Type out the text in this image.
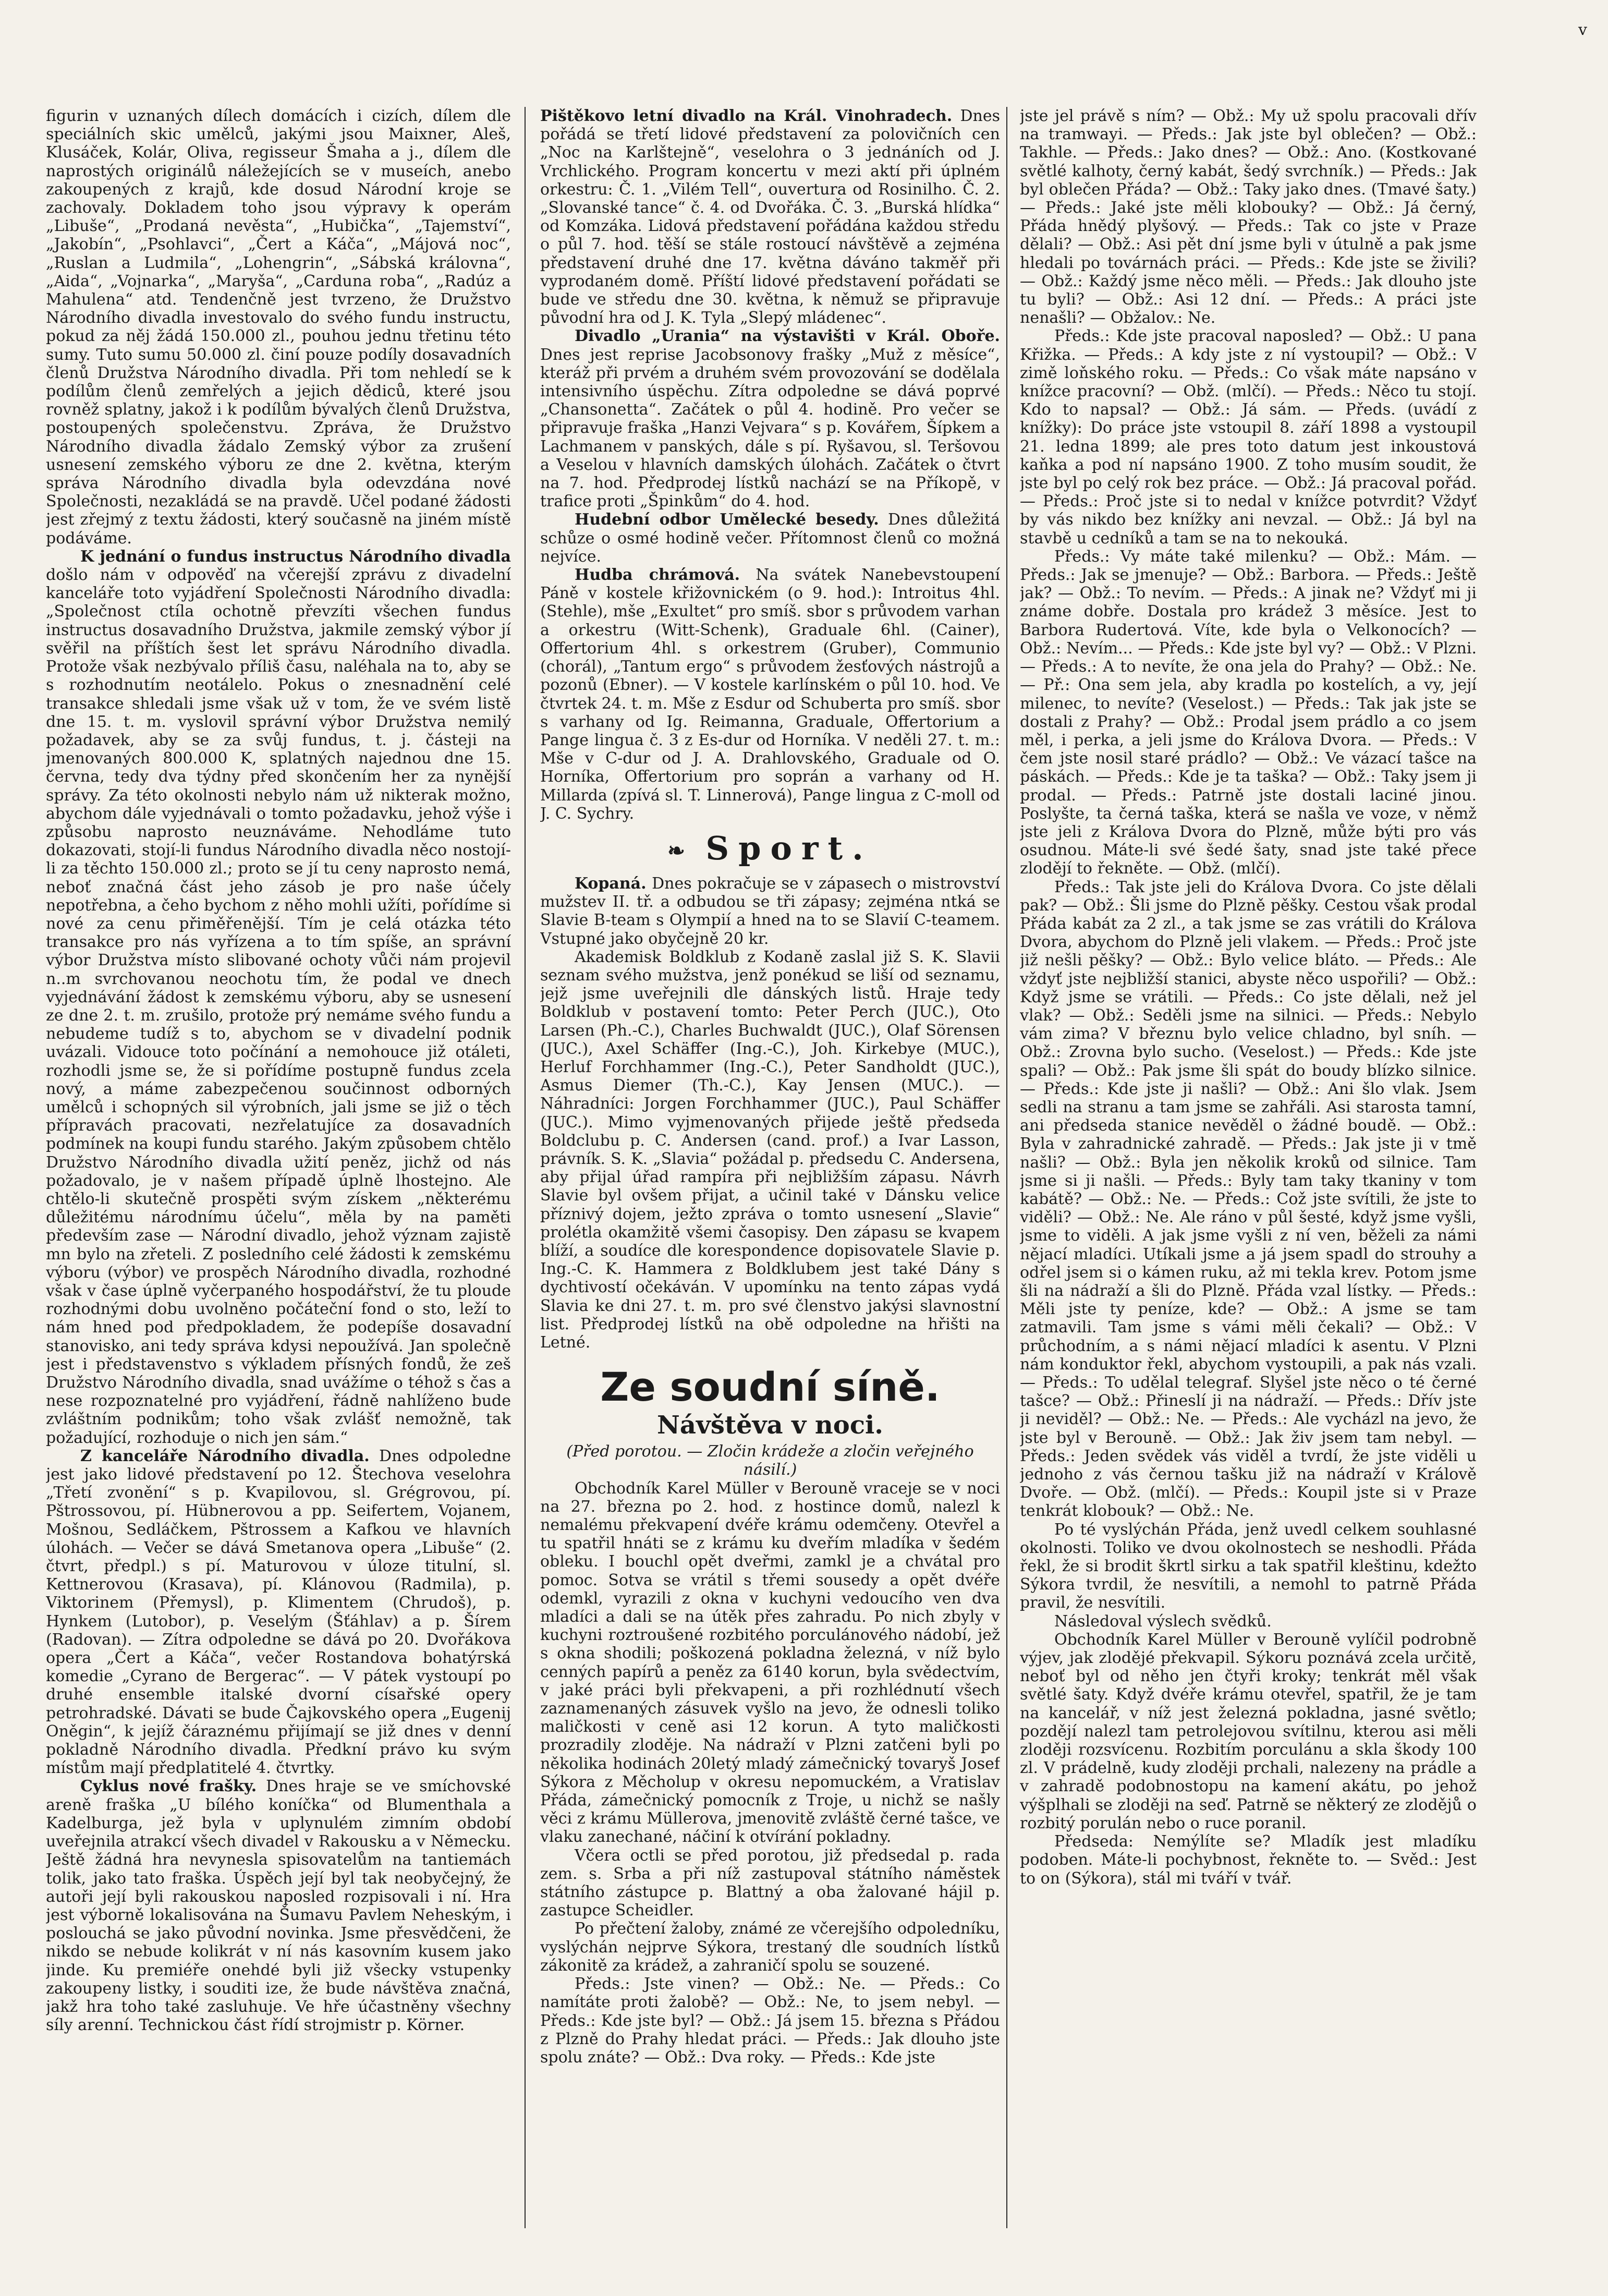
v

figurin v uznaných dílech domácích i cizích, dílem dle speciálních skic umělců, jakými jsou Maixner, Aleš, Klusáček, Kolár, Oliva, regisseur Šmaha a j., dílem dle naprostých originálů náležejících se v museích, anebo zakoupených z krajů, kde dosud Národní kroje se zachovaly. Dokladem toho jsou výpravy k operám „Libuše“, „Prodaná nevěsta“, „Hubička“, „Tajemství“, „Jakobín“, „Psohlavci“, „Čert a Káča“, „Májová noc“, „Ruslan a Ludmila“, „Lohengrin“, „Sábská královna“, „Aida“, „Vojnarka“, „Maryša“, „Carduna roba“, „Radúz a Mahulena“ atd. Tendenčně jest tvrzeno, že Družstvo Národního divadla investovalo do svého fundu instructu, pokud za něj žádá 150.000 zl., pouhou jednu třetinu této sumy. Tuto sumu 50.000 zl. činí pouze podíly dosavadních členů Družstva Národního divadla. Při tom nehledí se k podílům členů zemřelých a jejich dědiců, které jsou rovněž splatny, jakož i k podílům bývalých členů Družstva, postoupených společenstvu. Zpráva, že Družstvo Národního divadla žádalo Zemský výbor za zrušení usnesení zemského výboru ze dne 2. května, kterým správa Národního divadla byla odevzdána nové Společnosti, nezakládá se na pravdě. Učel podané žádosti jest zřejmý z textu žádosti, který současně na jiném místě podáváme.

K jednání o fundus instructus Národního divadla došlo nám v odpověď na včerejší zprávu z divadelní kanceláře toto vyjádření Společnosti Národního divadla: „Společnost ctíla ochotně převzíti všechen fundus instructus dosavadního Družstva, jakmile zemský výbor jí svěřil na příštích šest let správu Národního divadla. Protože však nezbývalo příliš času, naléhala na to, aby se s rozhodnutím neotálelo. Pokus o znesnadnění celé transakce shledali jsme však už v tom, že ve svém listě dne 15. t. m. vyslovil správní výbor Družstva nemilý požadavek, aby se za svůj fundus, t. j. částeji na jmenovaných 800.000 K, splatných najednou dne 15. června, tedy dva týdny před skončením her za nynější správy. Za této okolnosti nebylo nám už nikterak možno, abychom dále vyjednávali o tomto požadavku, jehož výše i způsobu naprosto neuznáváme. Nehodláme tuto dokazovati, stojí-li fundus Národního divadla něco nostojí-li za těchto 150.000 zl.; proto se jí tu ceny naprosto nemá, neboť značná část jeho zásob je pro naše účely nepotřebna, a čeho bychom z něho mohli užíti, pořídíme si nové za cenu přiměřenější. Tím je celá otázka této transakce pro nás vyřízena a to tím spíše, an správní výbor Družstva místo slibované ochoty vůči nám projevil n..m svrchovanou neochotu tím, že podal ve dnech vyjednávání žádost k zemskému výboru, aby se usnesení ze dne 2. t. m. zrušilo, protože prý nemáme svého fundu a nebudeme tudíž s to, abychom se v divadelní podnik uvázali. Vidouce toto počínání a nemohouce již otáleti, rozhodli jsme se, že si pořídíme postupně fundus zcela nový, a máme zabezpečenou součinnost odborných umělců i schopných sil výrobních, jali jsme se již o těch přípravách pracovati, nezřelatujíce za dosavadních podmínek na koupi fundu starého. Jakým způsobem chtělo Družstvo Národního divadla užití peněz, jichž od nás požadovalo, je v našem případě úplně lhostejno. Ale chtělo-li skutečně prospěti svým získem „některému důležitému národnímu účelu“, měla by na paměti především zase — Národní divadlo, jehož význam zajistě mn bylo na zřeteli. Z posledního celé žádosti k zemskému výboru (výbor) ve prospěch Národního divadla, rozhodné však v čase úplně vyčerpaného hospodářství, že tu ploude rozhodnými dobu uvolněno počáteční fond o sto, leží to nám hned pod předpokladem, že podepíše dosavadní stanovisko, ani tedy správa kdysi nepoužívá. Jan společně jest i představenstvo s výkladem přísných fondů, že zeš Družstvo Národního divadla, snad uvážíme o téhož s čas a nese rozpoznatelné pro vyjádření, řádně nahlíženo bude zvláštním podnikům; toho však zvlášť nemožně, tak požadující, rozhoduje o nich jen sám.“

Z kanceláře Národního divadla. Dnes odpoledne jest jako lidové představení po 12. Štechova veselohra „Třetí zvonění“ s p. Kvapilovou, sl. Grégrovou, pí. Pštrossovou, pí. Hübnerovou a pp. Seifertem, Vojanem, Mošnou, Sedláčkem, Pštrossem a Kafkou ve hlavních úlohách. — Večer se dává Smetanova opera „Libuše“ (2. čtvrt, předpl.) s pí. Maturovou v úloze titulní, sl. Kettnerovou (Krasava), pí. Klánovou (Radmila), p. Viktorinem (Přemysl), p. Klimentem (Chrudoš), p. Hynkem (Lutobor), p. Veselým (Šťáhlav) a p. Šírem (Radovan). — Zítra odpoledne se dává po 20. Dvořákova opera „Čert a Káča“, večer Rostandova bohatýrská komedie „Cyrano de Bergerac“. — V pátek vystoupí po druhé ensemble italské dvorní císařské opery petrohradské. Dávati se bude Čajkovského opera „Eugenij Oněgin“, k jejíž čáraznému přijímají se již dnes v denní pokladně Národního divadla. Předkní právo ku svým místům mají předplatitelé 4. čtvrtky.

Cyklus nové frašky. Dnes hraje se ve smíchovské areně fraška „U bílého koníčka“ od Blumenthala a Kadelburga, jež byla v uplynulém zimním období uveřejnila atrakcí všech divadel v Rakousku a v Německu. Ještě žádná hra nevynesla spisovatelům na tantiemách tolik, jako tato fraška. Úspěch její byl tak neobyčejný, že autoři její byli rakouskou naposled rozpisovali i ní. Hra jest výborně lokalisována na Šumavu Pavlem Neheským, i poslouchá se jako původní novinka. Jsme přesvědčeni, že nikdo se nebude kolikrát v ní nás kasovním kusem jako jinde. Ku premiéře onehdé byli již všecky vstupenky zakoupeny listky, i souditi ize, že bude návštěva značná, jakž hra toho také zasluhuje. Ve hře účastněny všechny síly arenní. Technickou část řídí strojmistr p. Körner.

Pištěkovo letní divadlo na Král. Vinohradech. Dnes pořádá se třetí lidové představení za polovičních cen „Noc na Karlštejně“, veselohra o 3 jednáních od J. Vrchlického. Program koncertu v mezi aktí při úplném orkestru: Č. 1. „Vilém Tell“, ouvertura od Rosinilho. Č. 2. „Slovanské tance“ č. 4. od Dvořáka. Č. 3. „Burská hlídka“ od Komzáka. Lidová představení pořádána každou středu o půl 7. hod. těší se stále rostoucí návštěvě a zejména představení druhé dne 17. května dáváno takměř při vyprodaném domě. Příští lidové představení pořádati se bude ve středu dne 30. května, k němuž se připravuje původní hra od J. K. Tyla „Slepý mládenec“.

Divadlo „Urania“ na výstavišti v Král. Oboře. Dnes jest reprise Jacobsonovy frašky „Muž z měsíce“, kteráž při prvém a druhém svém provozování se dodělala intensivního úspěchu. Zítra odpoledne se dává poprvé „Chansonetta“. Začátek o půl 4. hodině. Pro večer se připravuje fraška „Hanzi Vejvara“ s p. Kovářem, Šípkem a Lachmanem v panských, dále s pí. Ryšavou, sl. Teršovou a Veselou v hlavních damských úlohách. Začátek o čtvrt na 7. hod. Předprodej lístků nachází se na Příkopě, v trafice proti „Špinkům“ do 4. hod.

Hudební odbor Umělecké besedy. Dnes důležitá schůze o osmé hodině večer. Přítomnost členů co možná nejvíce.

Hudba chrámová. Na svátek Nanebevstoupení Páně v kostele křižovnickém (o 9. hod.): Introitus 4hl. (Stehle), mše „Exultet“ pro smíš. sbor s průvodem varhan a orkestru (Witt-Schenk), Graduale 6hl. (Cainer), Offertorium 4hl. s orkestrem (Gruber), Communio (chorál), „Tantum ergo“ s průvodem žesťových nástrojů a pozonů (Ebner). — V kostele karlínském o půl 10. hod. Ve čtvrtek 24. t. m. Mše z Esdur od Schuberta pro smíš. sbor s varhany od Ig. Reimanna, Graduale, Offertorium a Pange lingua č. 3 z Es-dur od Horníka. V neděli 27. t. m.: Mše v C-dur od J. A. Drahlovského, Graduale od O. Horníka, Offertorium pro soprán a varhany od H. Millarda (zpívá sl. T. Linnerová), Pange lingua z C-moll od J. C. Sychry.

❧ Sport.

Kopaná. Dnes pokračuje se v zápasech o mistrovství mužstev II. tř. a odbudou se tři zápasy; zejména ntká se Slavie B-team s Olympií a hned na to se Slavií C-teamem. Vstupné jako obyčejně 20 kr.

Akademisk Boldklub z Kodaně zaslal již S. K. Slavii seznam svého mužstva, jenž ponékud se liší od seznamu, jejž jsme uveřejnili dle dánských listů. Hraje tedy Boldklub v postavení tomto: Peter Perch (JUC.), Oto Larsen (Ph.-C.), Charles Buchwaldt (JUC.), Olaf Sörensen (JUC.), Axel Schäffer (Ing.-C.), Joh. Kirkebye (MUC.), Herluf Forchhammer (Ing.-C.), Peter Sandholdt (JUC.), Asmus Diemer (Th.-C.), Kay Jensen (MUC.). — Náhradníci: Jorgen Forchhammer (JUC.), Paul Schäffer (JUC.). Mimo vyjmenovaných přijede ještě předseda Boldclubu p. C. Andersen (cand. prof.) a Ivar Lasson, právník. S. K. „Slavia“ požádal p. předsedu C. Andersena, aby přijal úřad rampíra při nejbližším zápasu. Návrh Slavie byl ovšem přijat, a učinil také v Dánsku velice příznivý dojem, ježto zpráva o tomto usnesení „Slavie“ prolétla okamžitě všemi časopisy. Den zápasu se kvapem blíží, a soudíce dle korespondence dopisovatele Slavie p. Ing.-C. K. Hammera z Boldklubem jest také Dány s dychtivostí očekáván. V upomínku na tento zápas vydá Slavia ke dni 27. t. m. pro své členstvo jakýsi slavnostní list. Předprodej lístků na obě odpoledne na hřišti na Letné.

Ze soudní síně.
Návštěva v noci.

(Před porotou. — Zločin krádeže a zločin veřejného násilí.)

Obchodník Karel Müller v Berouně vraceje se v noci na 27. března po 2. hod. z hostince domů, nalezl k nemalému překvapení dvéře krámu odemčeny. Otevřel a tu spatřil hnáti se z krámu ku dveřím mladíka v šedém obleku. I bouchl opět dveřmi, zamkl je a chvátal pro pomoc. Sotva se vrátil s třemi sousedy a opět dvéře odemkl, vyrazili z okna v kuchyni vedoucího ven dva mladíci a dali se na útěk přes zahradu. Po nich zbyly v kuchyni roztroušené rozbitého porculánového nádobí, jež s okna shodili; poškozená pokladna železná, v níž bylo cenných papírů a peněz za 6140 korun, byla svědectvím, v jaké práci byli překvapeni, a při rozhlédnutí všech zaznamenaných zásuvek vyšlo na jevo, že odnesli toliko maličkosti v ceně asi 12 korun. A tyto maličkosti prozradily zloděje. Na nádraží v Plzni zatčeni byli po několika hodinách 20letý mladý zámečnický tovaryš Josef Sýkora z Měcholup v okresu nepomuckém, a Vratislav Přáda, zámečnický pomocník z Troje, u nichž se našly věci z krámu Müllerova, jmenovitě zvláště černé tašce, ve vlaku zanechané, náčiní k otvírání pokladny.

Včera octli se před porotou, již předsedal p. rada zem. s. Srba a při níž zastupoval státního náměstek státního zástupce p. Blattný a oba žalované hájil p. zastupce Scheidler.

Po přečtení žaloby, známé ze včerejšího odpoledníku, vyslýchán nejprve Sýkora, trestaný dle soudních lístků zákonitě za krádež, a zahraničí spolu se souzené.

Předs.: Jste vinen? — Obž.: Ne. — Předs.: Co namítáte proti žalobě? — Obž.: Ne, to jsem nebyl. — Předs.: Kde jste byl? — Obž.: Já jsem 15. března s Přádou z Plzně do Prahy hledat práci. — Předs.: Jak dlouho jste spolu znáte? — Obž.: Dva roky. — Předs.: Kde jste

jste jel právě s ním? — Obž.: My už spolu pracovali dřív na tramwayi. — Předs.: Jak jste byl oblečen? — Obž.: Takhle. — Předs.: Jako dnes? — Obž.: Ano. (Kostkované světlé kalhoty, černý kabát, šedý svrchník.) — Předs.: Jak byl oblečen Přáda? — Obž.: Taky jako dnes. (Tmavé šaty.) — Předs.: Jaké jste měli klobouky? — Obž.: Já černý, Přáda hnědý plyšový. — Předs.: Tak co jste v Praze dělali? — Obž.: Asi pět dní jsme byli v útulně a pak jsme hledali po továrnách práci. — Předs.: Kde jste se živili? — Obž.: Každý jsme něco měli. — Předs.: Jak dlouho jste tu byli? — Obž.: Asi 12 dní. — Předs.: A práci jste nenašli? — Obžalov.: Ne.

Předs.: Kde jste pracoval naposled? — Obž.: U pana Křižka. — Předs.: A kdy jste z ní vystoupil? — Obž.: V zimě loňského roku. — Předs.: Co však máte napsáno v knížce pracovní? — Obž. (mlčí). — Předs.: Něco tu stojí. Kdo to napsal? — Obž.: Já sám. — Předs. (uvádí z knížky): Do práce jste vstoupil 8. září 1898 a vystoupil 21. ledna 1899; ale pres toto datum jest inkoustová kaňka a pod ní napsáno 1900. Z toho musím soudit, že jste byl po celý rok bez práce. — Obž.: Já pracoval pořád. — Předs.: Proč jste si to nedal v knížce potvrdit? Vždyť by vás nikdo bez knížky ani nevzal. — Obž.: Já byl na stavbě u cedníků a tam se na to nekouká.

Předs.: Vy máte také milenku? — Obž.: Mám. — Předs.: Jak se jmenuje? — Obž.: Barbora. — Předs.: Ještě jak? — Obž.: To nevím. — Předs.: A jinak ne? Vždyť mi ji známe dobře. Dostala pro krádež 3 měsíce. Jest to Barbora Rudertová. Víte, kde byla o Velkonocích? — Obž.: Nevím... — Předs.: Kde jste byl vy? — Obž.: V Plzni. — Předs.: A to nevíte, že ona jela do Prahy? — Obž.: Ne. — Př.: Ona sem jela, aby kradla po kostelích, a vy, její milenec, to nevíte? (Veselost.) — Předs.: Tak jak jste se dostali z Prahy? — Obž.: Prodal jsem prádlo a co jsem měl, i perka, a jeli jsme do Králova Dvora. — Předs.: V čem jste nosil staré prádlo? — Obž.: Ve vázací tašce na páskách. — Předs.: Kde je ta taška? — Obž.: Taky jsem ji prodal. — Předs.: Patrně jste dostali laciné jinou. Poslyšte, ta černá taška, která se našla ve voze, v němž jste jeli z Králova Dvora do Plzně, může býti pro vás osudnou. Máte-li své šedé šaty, snad jste také přece zlodějí to řekněte. — Obž. (mlčí).

Předs.: Tak jste jeli do Králova Dvora. Co jste dělali pak? — Obž.: Šli jsme do Plzně pěšky. Cestou však prodal Přáda kabát za 2 zl., a tak jsme se zas vrátili do Králova Dvora, abychom do Plzně jeli vlakem. — Předs.: Proč jste již nešli pěšky? — Obž.: Bylo velice bláto. — Předs.: Ale vždyť jste nejbližší stanici, abyste něco uspořili? — Obž.: Když jsme se vrátili. — Předs.: Co jste dělali, než jel vlak? — Obž.: Seděli jsme na silnici. — Předs.: Nebylo vám zima? V březnu bylo velice chladno, byl sníh. — Obž.: Zrovna bylo sucho. (Veselost.) — Předs.: Kde jste spali? — Obž.: Pak jsme šli spát do boudy blízko silnice. — Předs.: Kde jste ji našli? — Obž.: Ani šlo vlak. Jsem sedli na stranu a tam jsme se zahřáli. Asi starosta tamní, ani předseda stanice nevěděl o žádné boudě. — Obž.: Byla v zahradnické zahradě. — Předs.: Jak jste ji v tmě našli? — Obž.: Byla jen několik kroků od silnice. Tam jsme si ji našli. — Předs.: Byly tam taky tkaniny v tom kabátě? — Obž.: Ne. — Předs.: Což jste svítili, že jste to viděli? — Obž.: Ne. Ale ráno v půl šesté, když jsme vyšli, jsme to viděli. A jak jsme vyšli z ní ven, běželi za námi nějací mladíci. Utíkali jsme a já jsem spadl do strouhy a odřel jsem si o kámen ruku, až mi tekla krev. Potom jsme šli na nádraží a šli do Plzně. Přáda vzal lístky. — Předs.: Měli jste ty peníze, kde? — Obž.: A jsme se tam zatmavili. Tam jsme s vámi měli čekali? — Obž.: V průchodním, a s námi nějací mladíci k asentu. V Plzni nám konduktor řekl, abychom vystoupili, a pak nás vzali. — Předs.: To udělal telegraf. Slyšel jste něco o té černé tašce? — Obž.: Přineslí ji na nádraží. — Předs.: Dřív jste ji neviděl? — Obž.: Ne. — Předs.: Ale vycházl na jevo, že jste byl v Berouně. — Obž.: Jak živ jsem tam nebyl. — Předs.: Jeden svědek vás viděl a tvrdí, že jste viděli u jednoho z vás černou tašku již na nádraží v Králově Dvoře. — Obž. (mlčí). — Předs.: Koupil jste si v Praze tenkrát klobouk? — Obž.: Ne.

Po té vyslýchán Přáda, jenž uvedl celkem souhlasné okolnosti. Toliko ve dvou okolnostech se neshodli. Přáda řekl, že si brodit škrtl sirku a tak spatřil kleštinu, kdežto Sýkora tvrdil, že nesvítili, a nemohl to patrně Přáda pravil, že nesvítili.

Následoval výslech svědků.

Obchodník Karel Müller v Berouně vylíčil podrobně výjev, jak zlodějé překvapil. Sýkoru poznává zcela určitě, neboť byl od něho jen čtyři kroky; tenkrát měl však světlé šaty. Když dvéře krámu otevřel, spatřil, že je tam na kancelář, v níž jest železná pokladna, jasné světlo; pozdějí nalezl tam petrolejovou svítilnu, kterou asi měli zloději rozsvícenu. Rozbitím porculánu a skla škody 100 zl. V prádelně, kudy zloději prchali, nalezeny na prádle a v zahradě podobnostopu na kamení akátu, po jehož výšplhali se zloději na seď. Patrně se některý ze zlodějů o rozbitý porulán nebo o ruce poranil.

Předseda: Nemýlíte se? Mladík jest mladíku podoben. Máte-li pochybnost, řekněte to. — Svěd.: Jest to on (Sýkora), stál mi tváří v tvář.
